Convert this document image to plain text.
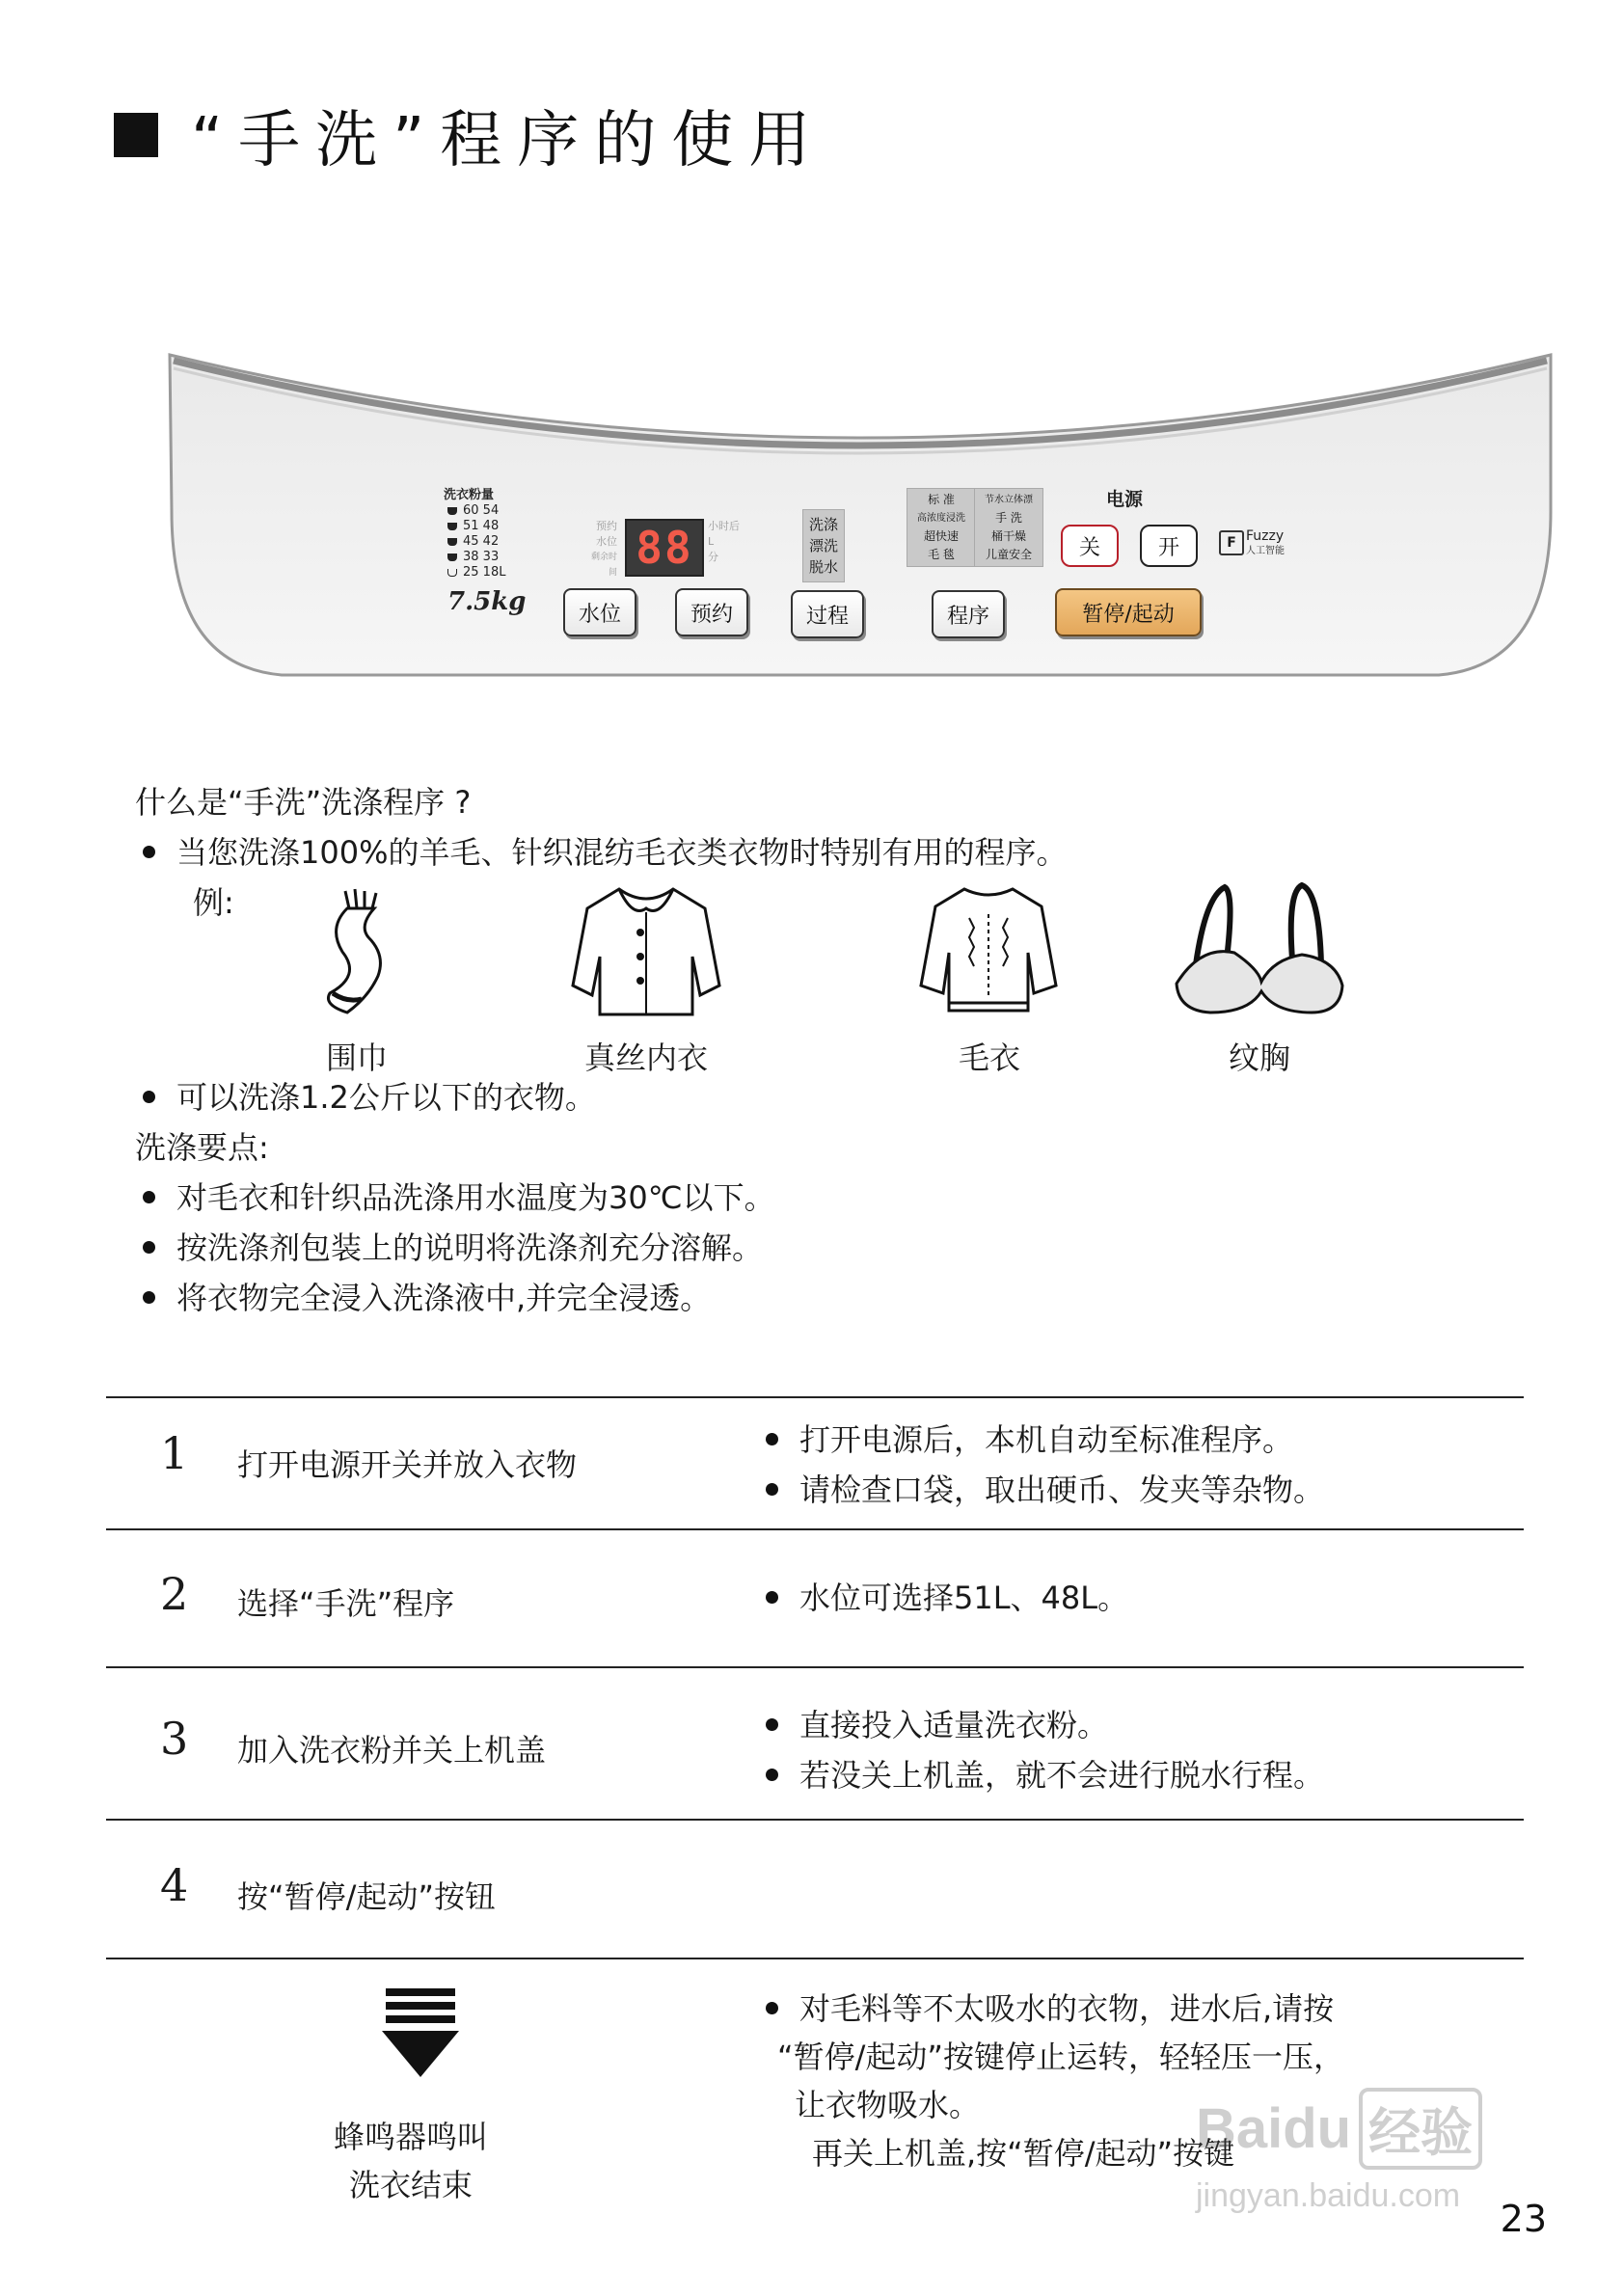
“手洗”程序的使用
洗衣粉量
60 54
51 48
45 42
38 33
25 18L
7.5kg
预约
水位
剩余时间 88	小时后
L
分
洗涤
漂洗
脱水
标 准
高浓度浸洗
超快速
毛 毯
节水立体漂
手 洗
桶干燥
儿童安全
电源
关	开	F Fuzzy
人工智能
水位	预约	过程	程序	暂停/起动
什么是“手洗”洗涤程序 ?
当您洗涤100%的羊毛、针织混纺毛衣类衣物时特别有用的程序。
例:
围巾	真丝内衣	毛衣	纹胸
可以洗涤1.2公斤以下的衣物。
洗涤要点:
对毛衣和针织品洗涤用水温度为30℃以下。
按洗涤剂包装上的说明将洗涤剂充分溶解。
将衣物完全浸入洗涤液中,并完全浸透。
1 打开电源开关并放入衣物
打开电源后，本机自动至标准程序。
请检查口袋，取出硬币、发夹等杂物。
2 选择“手洗”程序	水位可选择51L、48L。
3 加入洗衣粉并关上机盖
直接投入适量洗衣粉。
若没关上机盖，就不会进行脱水行程。
4 按“暂停/起动”按钮
蜂鸣器鸣叫
洗衣结束
对毛料等不太吸水的衣物，进水后,请按
“暂停/起动”按键停止运转，轻轻压一压，
让衣物吸水。
再关上机盖,按“暂停/起动”按键
Baidu 经验
jingyan.baidu.com
23
